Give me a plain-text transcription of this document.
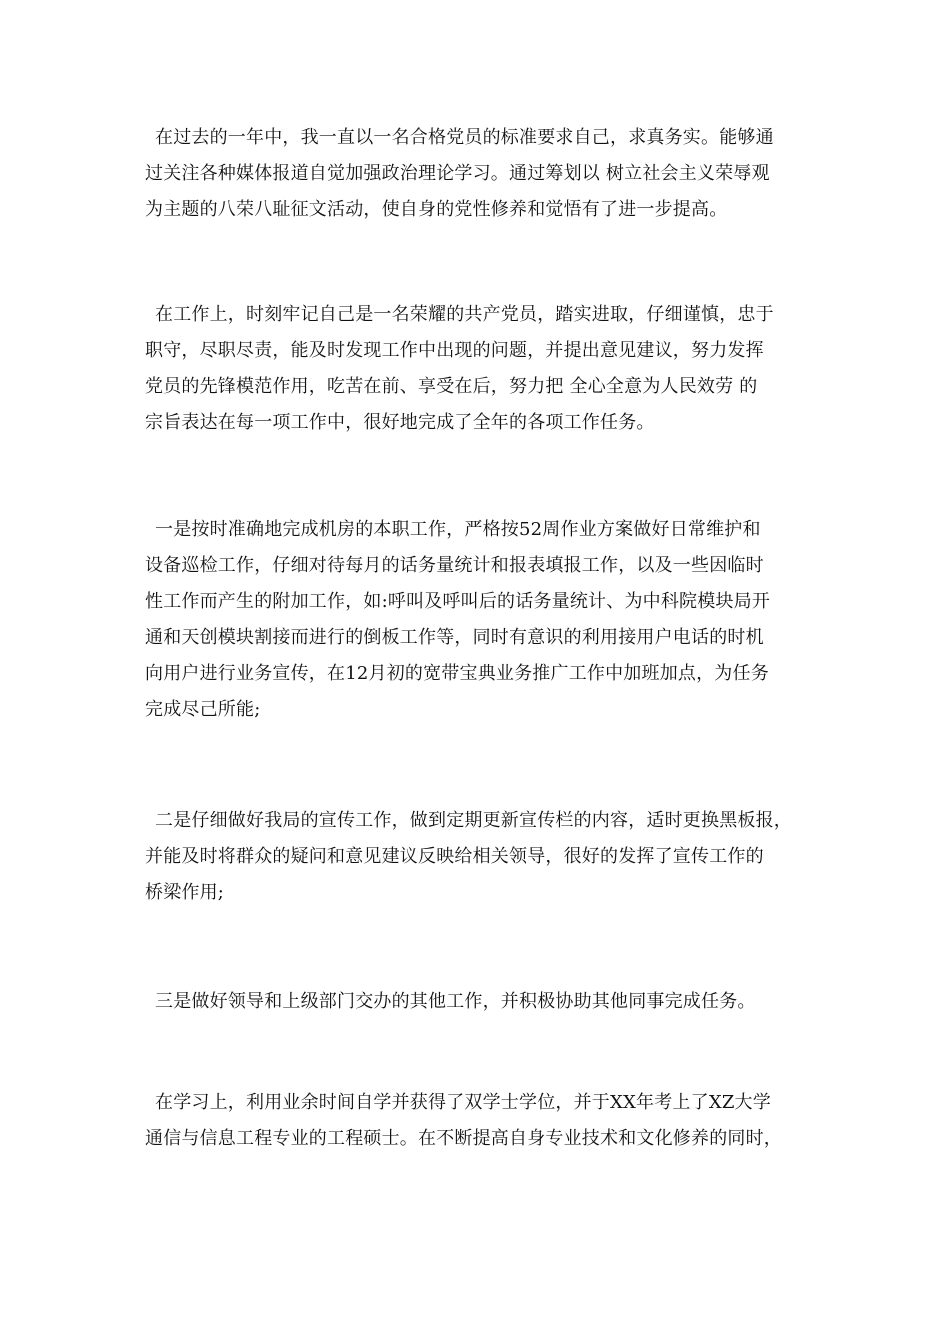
在过去的一年中，我一直以一名合格党员的标准要求自己，求真务实。能够通
过关注各种媒体报道自觉加强政治理论学习。通过筹划以 树立社会主义荣辱观
为主题的八荣八耻征文活动，使自身的党性修养和觉悟有了进一步提高。
在工作上，时刻牢记自己是一名荣耀的共产党员，踏实进取，仔细谨慎，忠于
职守，尽职尽责，能及时发现工作中出现的问题，并提出意见建议，努力发挥
党员的先锋模范作用，吃苦在前、享受在后，努力把 全心全意为人民效劳 的
宗旨表达在每一项工作中，很好地完成了全年的各项工作任务。
一是按时准确地完成机房的本职工作，严格按52周作业方案做好日常维护和
设备巡检工作，仔细对待每月的话务量统计和报表填报工作，以及一些因临时
性工作而产生的附加工作，如:呼叫及呼叫后的话务量统计、为中科院模块局开
通和天创模块割接而进行的倒板工作等，同时有意识的利用接用户电话的时机
向用户进行业务宣传，在12月初的宽带宝典业务推广工作中加班加点，为任务
完成尽己所能;
二是仔细做好我局的宣传工作，做到定期更新宣传栏的内容，适时更换黑板报，
并能及时将群众的疑问和意见建议反映给相关领导，很好的发挥了宣传工作的
桥梁作用;
三是做好领导和上级部门交办的其他工作，并积极协助其他同事完成任务。
在学习上，利用业余时间自学并获得了双学士学位，并于XX年考上了XZ大学
通信与信息工程专业的工程硕士。在不断提高自身专业技术和文化修养的同时，
